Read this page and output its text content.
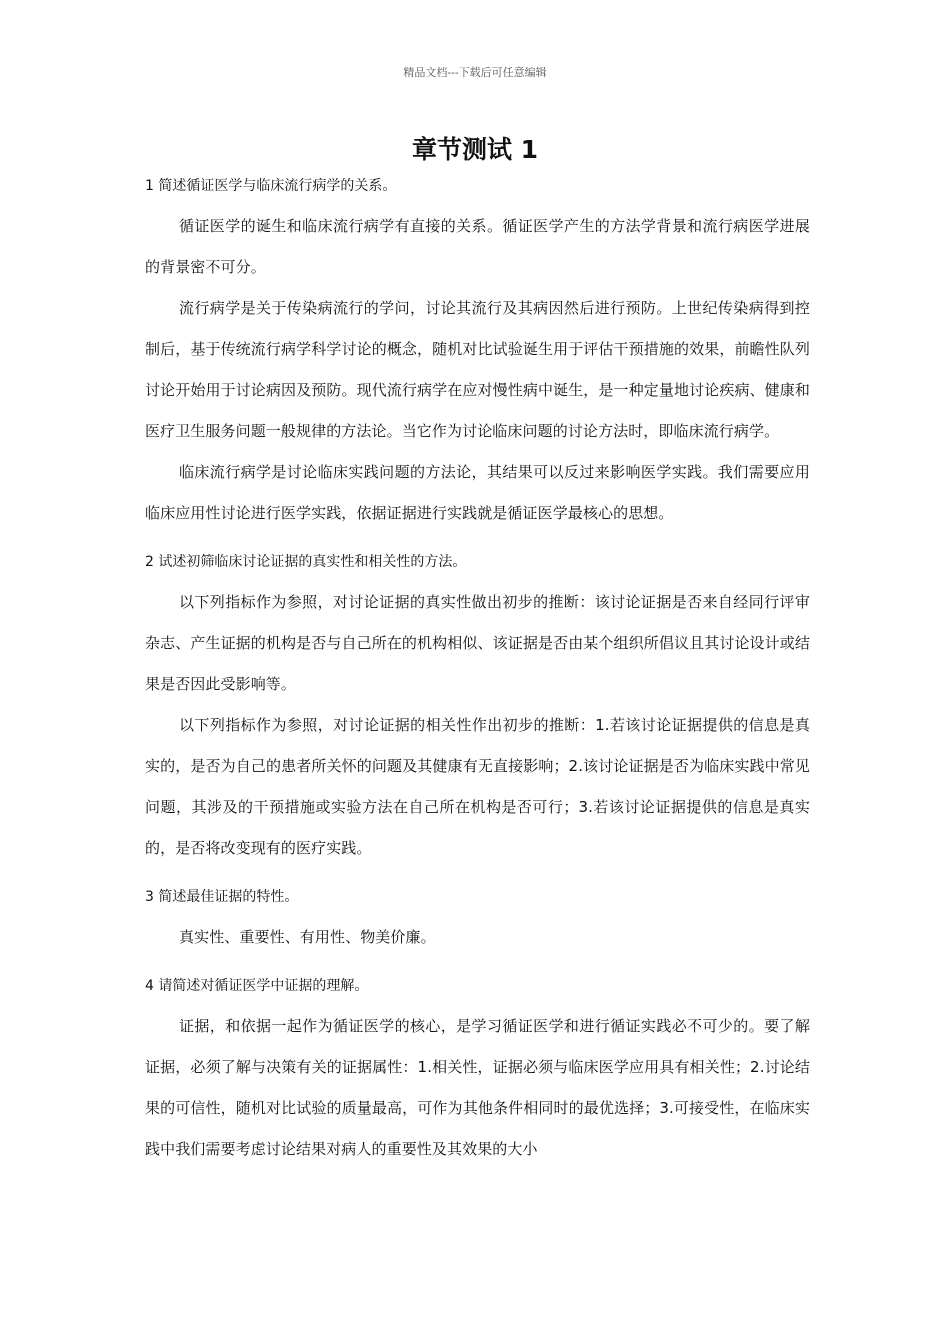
精品文档---下载后可任意编辑
章节测试 1
1 简述循证医学与临床流行病学的关系。

循证医学的诞生和临床流行病学有直接的关系。循证医学产生的方法学背景和流行病医学进展的背景密不可分。

流行病学是关于传染病流行的学问，讨论其流行及其病因然后进行预防。上世纪传染病得到控制后，基于传统流行病学科学讨论的概念，随机对比试验诞生用于评估干预措施的效果，前瞻性队列讨论开始用于讨论病因及预防。现代流行病学在应对慢性病中诞生，是一种定量地讨论疾病、健康和医疗卫生服务问题一般规律的方法论。当它作为讨论临床问题的讨论方法时，即临床流行病学。

临床流行病学是讨论临床实践问题的方法论，其结果可以反过来影响医学实践。我们需要应用临床应用性讨论进行医学实践，依据证据进行实践就是循证医学最核心的思想。

2 试述初筛临床讨论证据的真实性和相关性的方法。

以下列指标作为参照，对讨论证据的真实性做出初步的推断：该讨论证据是否来自经同行评审杂志、产生证据的机构是否与自己所在的机构相似、该证据是否由某个组织所倡议且其讨论设计或结果是否因此受影响等。

以下列指标作为参照，对讨论证据的相关性作出初步的推断：1.若该讨论证据提供的信息是真实的，是否为自己的患者所关怀的问题及其健康有无直接影响；2.该讨论证据是否为临床实践中常见问题，其涉及的干预措施或实验方法在自己所在机构是否可行；3.若该讨论证据提供的信息是真实的，是否将改变现有的医疗实践。

3 简述最佳证据的特性。

真实性、重要性、有用性、物美价廉。

4 请简述对循证医学中证据的理解。

证据，和依据一起作为循证医学的核心，是学习循证医学和进行循证实践必不可少的。要了解证据，必须了解与决策有关的证据属性：1.相关性，证据必须与临床医学应用具有相关性；2.讨论结果的可信性，随机对比试验的质量最高，可作为其他条件相同时的最优选择；3.可接受性，在临床实践中我们需要考虑讨论结果对病人的重要性及其效果的大小
